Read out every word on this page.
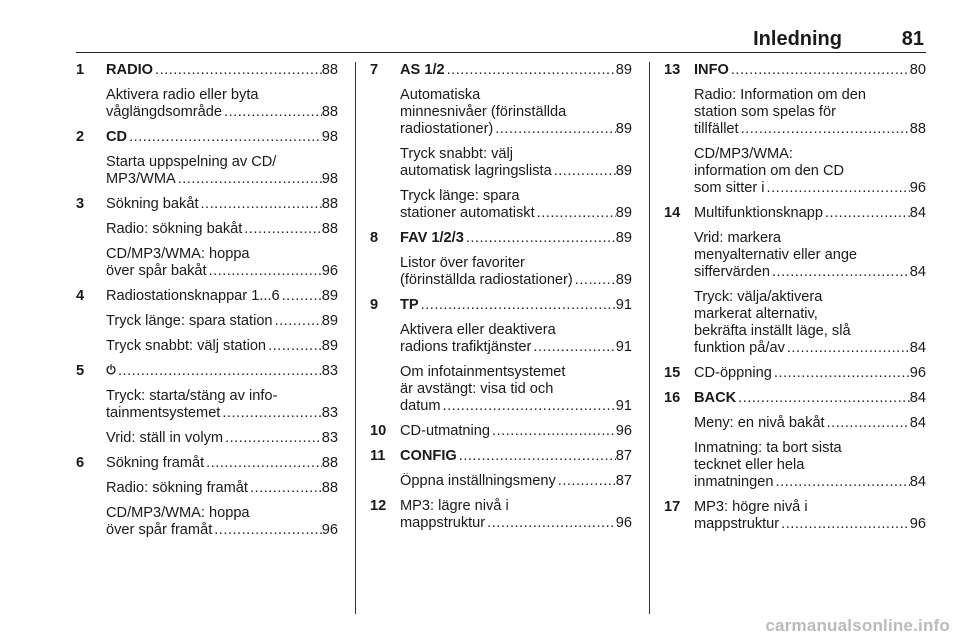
Inledning	81
1 RADIO .....	88
Aktivera radio eller byta
våglängdsområde .....	88
2 CD .....	98
Starta uppspelning av CD/
MP3/WMA .....	98
3 Sökning bakåt .....	88
Radio: sökning bakåt .....	88
CD/MP3/WMA: hoppa
över spår bakåt .....	96
4 Radiostationsknappar 1...6 .....	89
Tryck länge: spara station .....	89
Tryck snabbt: välj station .....	89
5 .....	83
Tryck: starta/stäng av info-
tainmentsystemet .....	83
Vrid: ställ in volym .....	83
6 Sökning framåt .....	88
Radio: sökning framåt .....	88
CD/MP3/WMA: hoppa
över spår framåt .....	96
7 AS 1/2 .....	89
Automatiska
minnesnivåer (förinställda
radiostationer) .....	89
Tryck snabbt: välj
automatisk lagringslista .....	89
Tryck länge: spara
stationer automatiskt .....	89
8 FAV 1/2/3 .....	89
Listor över favoriter
(förinställda radiostationer) .....	89
9 TP .....	91
Aktivera eller deaktivera
radions trafiktjänster .....	91
Om infotainmentsystemet
är avstängt: visa tid och
datum .....	91
10 CD-utmatning .....	96
11 CONFIG .....	87
Öppna inställningsmeny .....	87
12 MP3: lägre nivå i
mappstruktur .....	96
13 INFO .....	80
Radio: Information om den
station som spelas för
tillfället .....	88
CD/MP3/WMA:
information om den CD
som sitter i .....	96
14 Multifunktionsknapp .....	84
Vrid: markera
menyalternativ eller ange
siffervärden .....	84
Tryck: välja/aktivera
markerat alternativ,
bekräfta inställt läge, slå
funktion på/av .....	84
15 CD-öppning .....	96
16 BACK .....	84
Meny: en nivå bakåt .....	84
Inmatning: ta bort sista
tecknet eller hela
inmatningen .....	84
17 MP3: högre nivå i
mappstruktur .....	96
carmanualsonline.info
